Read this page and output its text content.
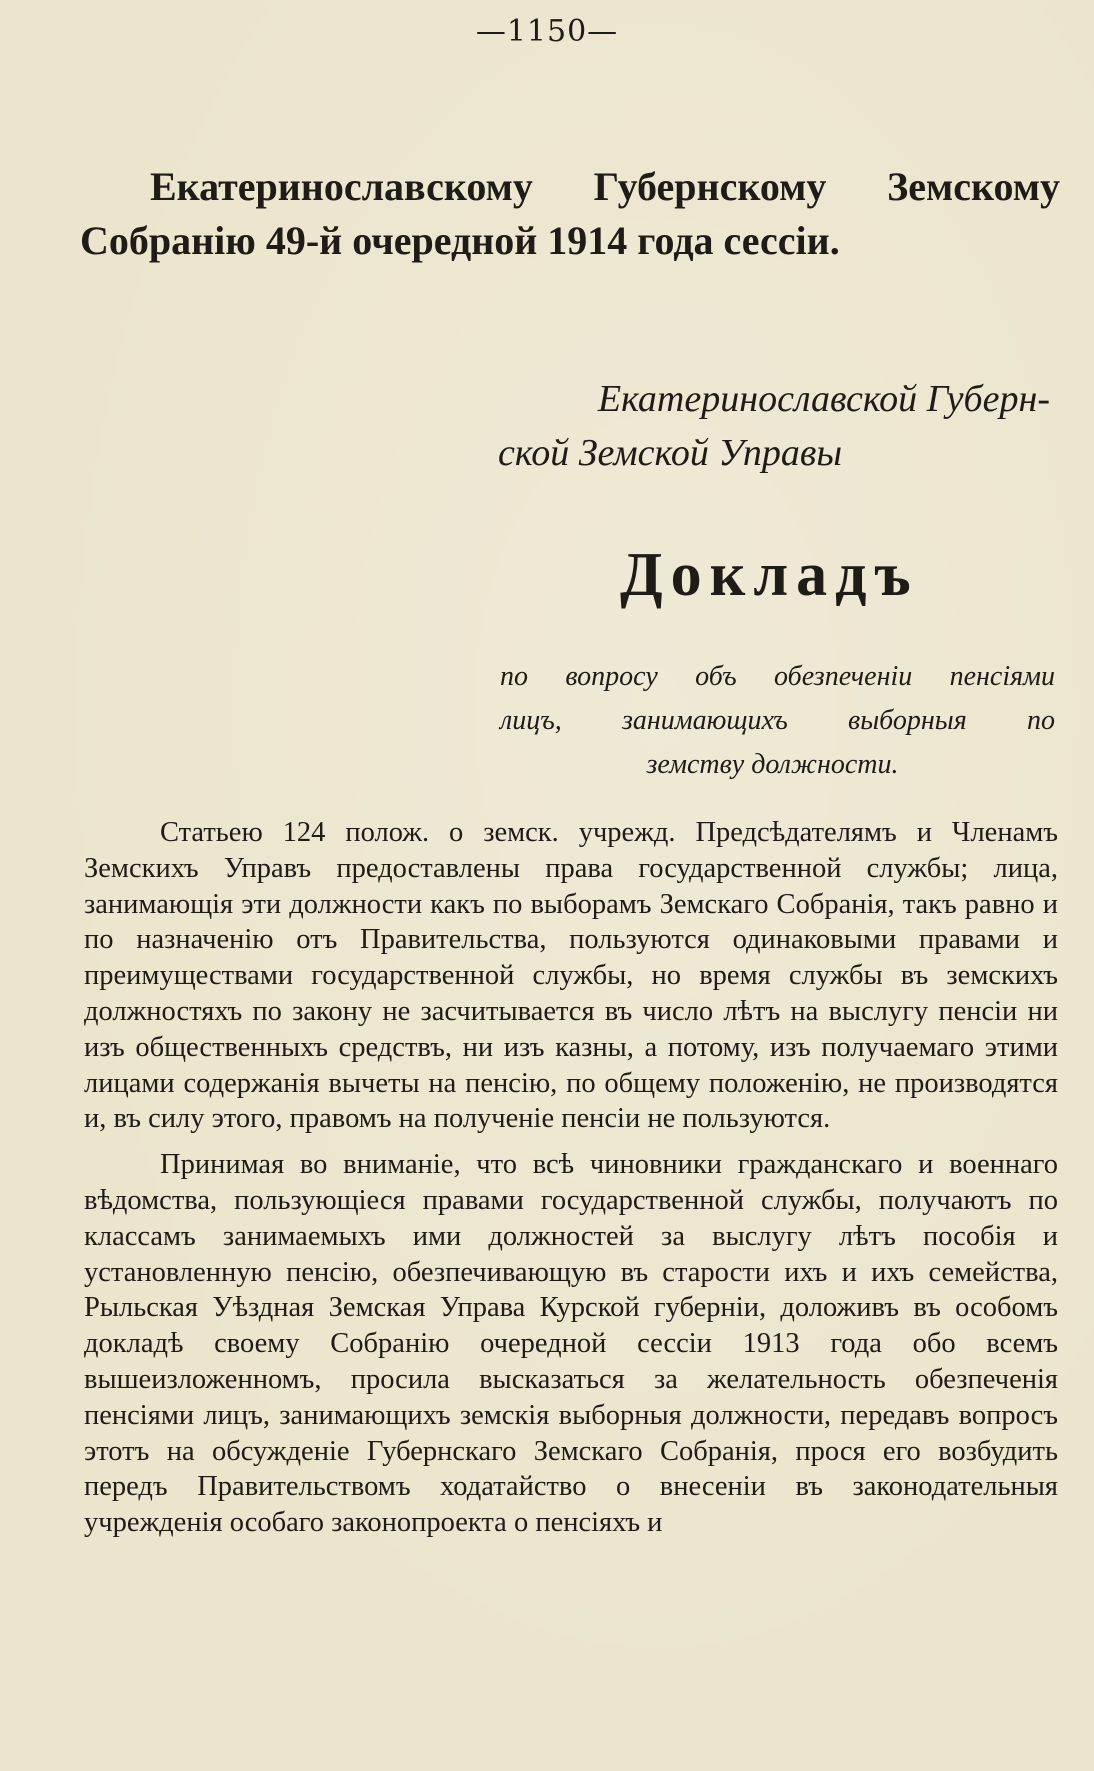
—1150—
Екатеринославскому Губернскому Земскому
Собранію 49-й очередной 1914 года сессіи.
Екатеринославской Губерн-
ской Земской Управы
Докладъ
по вопросу объ обезпеченіи пенсіями
лицъ, занимающихъ выборныя по
земству должности.

Статьею 124 полож. о земск. учрежд. Предсѣдателямъ и Членамъ Земскихъ Управъ предоставлены права государственной службы; лица, занимающія эти должности какъ по выборамъ Земскаго Собранія, такъ равно и по назначенію отъ Правительства, пользуются одинаковыми правами и преимуществами государственной службы, но время службы въ земскихъ должностяхъ по закону не засчитывается въ число лѣтъ на выслугу пенсіи ни изъ общественныхъ средствъ, ни изъ казны, а потому, изъ получаемаго этими лицами содержанія вычеты на пенсію, по общему положенію, не производятся и, въ силу этого, правомъ на полученіе пенсіи не пользуются.

Принимая во вниманіе, что всѣ чиновники гражданскаго и военнаго вѣдомства, пользующіеся правами государственной службы, получаютъ по классамъ занимаемыхъ ими должностей за выслугу лѣтъ пособія и установленную пенсію, обезпечивающую въ старости ихъ и ихъ семейства, Рыльская Уѣздная Земская Управа Курской губерніи, доложивъ въ особомъ докладѣ своему Собранію очередной сессіи 1913 года обо всемъ вышеизложенномъ, просила высказаться за желательность обезпеченія пенсіями лицъ, занимающихъ земскія выборныя должности, передавъ вопросъ этотъ на обсужденіе Губернскаго Земскаго Собранія, прося его возбудить передъ Правительствомъ ходатайство о внесеніи въ законодательныя учрежденія особаго законопроекта о пенсіяхъ и
